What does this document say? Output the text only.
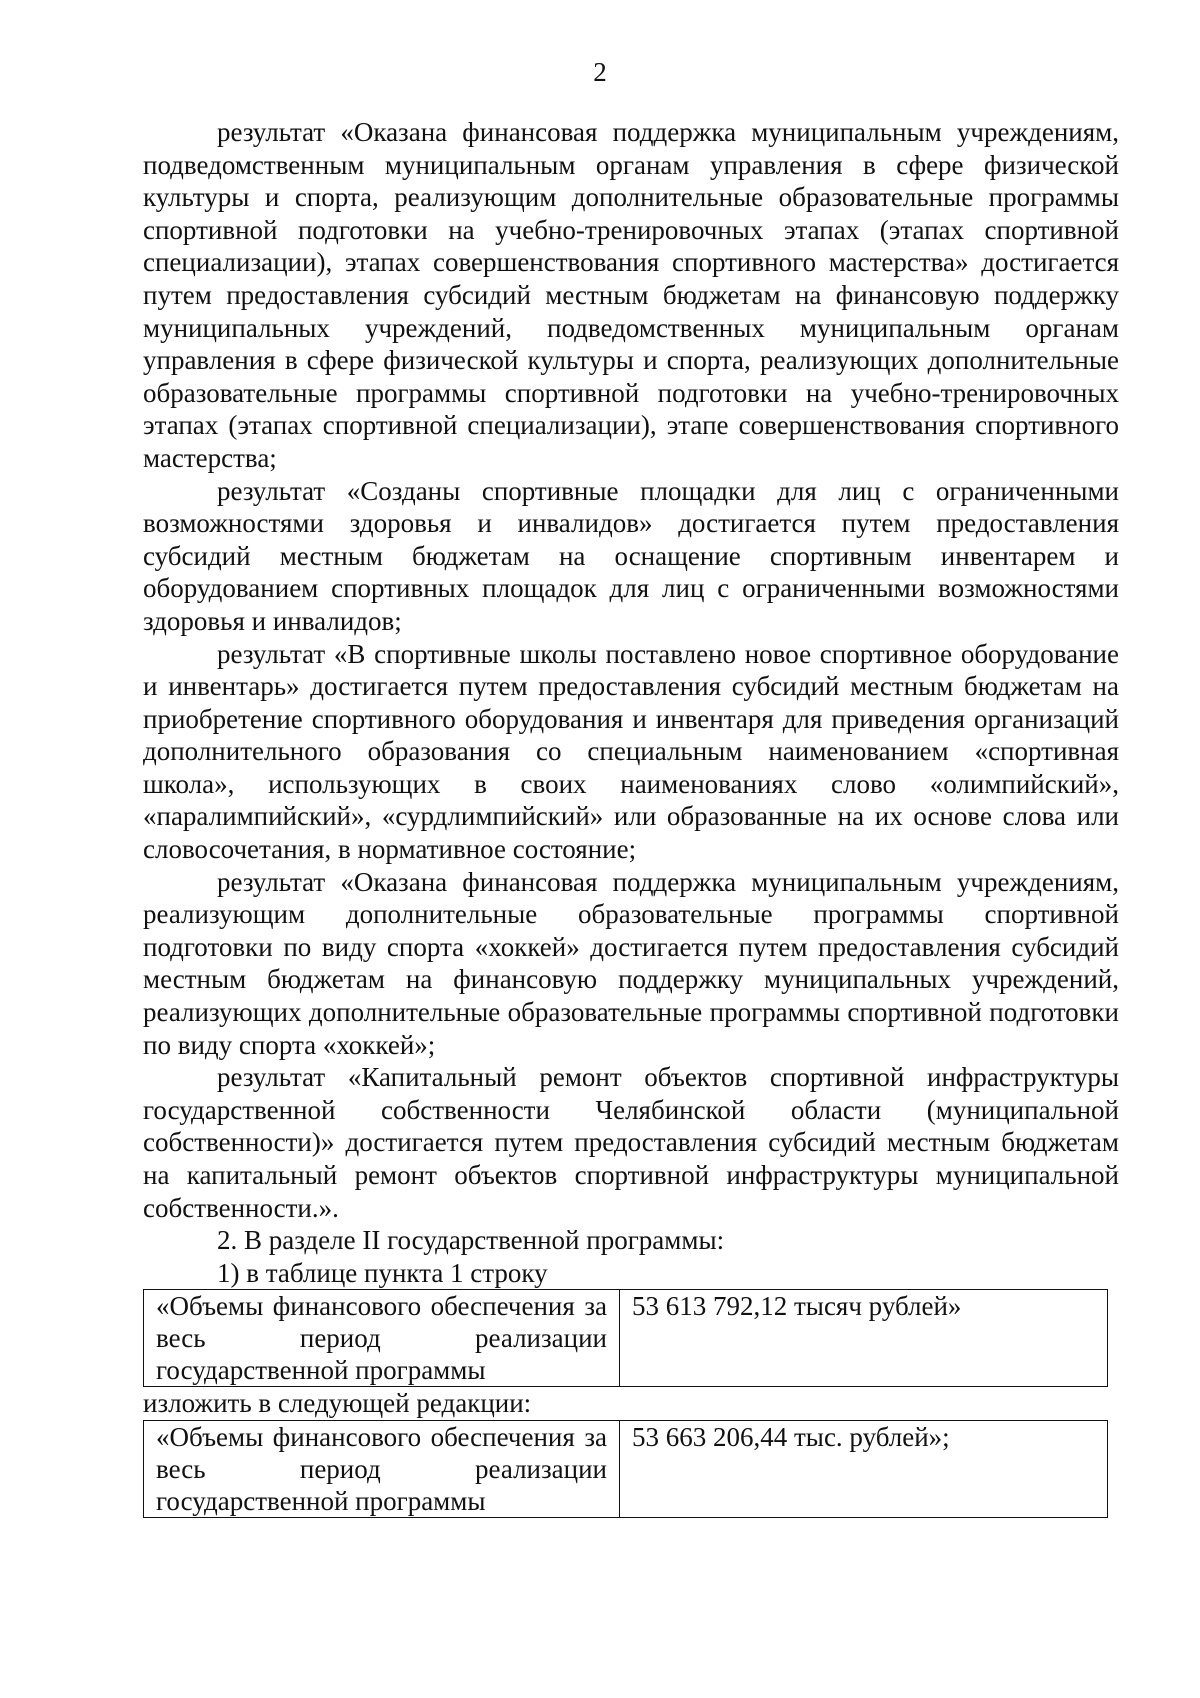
2

результат «Оказана финансовая поддержка муниципальным учреждениям, подведомственным муниципальным органам управления в сфере физической культуры и спорта, реализующим дополнительные образовательные программы спортивной подготовки на учебно-тренировочных этапах (этапах спортивной специализации), этапах совершенствования спортивного мастерства» достигается путем предоставления субсидий местным бюджетам на финансовую поддержку муниципальных учреждений, подведомственных муниципальным органам управления в сфере физической культуры и спорта, реализующих дополнительные образовательные программы спортивной подготовки на учебно-тренировочных этапах (этапах спортивной специализации), этапе совершенствования спортивного мастерства;

результат «Созданы спортивные площадки для лиц с ограниченными возможностями здоровья и инвалидов» достигается путем предоставления субсидий местным бюджетам на оснащение спортивным инвентарем и оборудованием спортивных площадок для лиц с ограниченными возможностями здоровья и инвалидов;

результат «В спортивные школы поставлено новое спортивное оборудование и инвентарь» достигается путем предоставления субсидий местным бюджетам на приобретение спортивного оборудования и инвентаря для приведения организаций дополнительного образования со специальным наименованием «спортивная школа», использующих в своих наименованиях слово «олимпийский», «паралимпийский», «сурдлимпийский» или образованные на их основе слова или словосочетания, в нормативное состояние;

результат «Оказана финансовая поддержка муниципальным учреждениям, реализующим дополнительные образовательные программы спортивной подготовки по виду спорта «хоккей» достигается путем предоставления субсидий местным бюджетам на финансовую поддержку муниципальных учреждений, реализующих дополнительные образовательные программы спортивной подготовки по виду спорта «хоккей»;

результат «Капитальный ремонт объектов спортивной инфраструктуры государственной собственности Челябинской области (муниципальной собственности)» достигается путем предоставления субсидий местным бюджетам на капитальный ремонт объектов спортивной инфраструктуры муниципальной собственности.».

2. В разделе II государственной программы:

1) в таблице пункта 1 строку

«Объемы финансового обеспечения за весь период реализации государственной программы	53 613 792,12 тысяч рублей»

изложить в следующей редакции:

«Объемы финансового обеспечения за весь период реализации государственной программы	53 663 206,44 тыс. рублей»;
